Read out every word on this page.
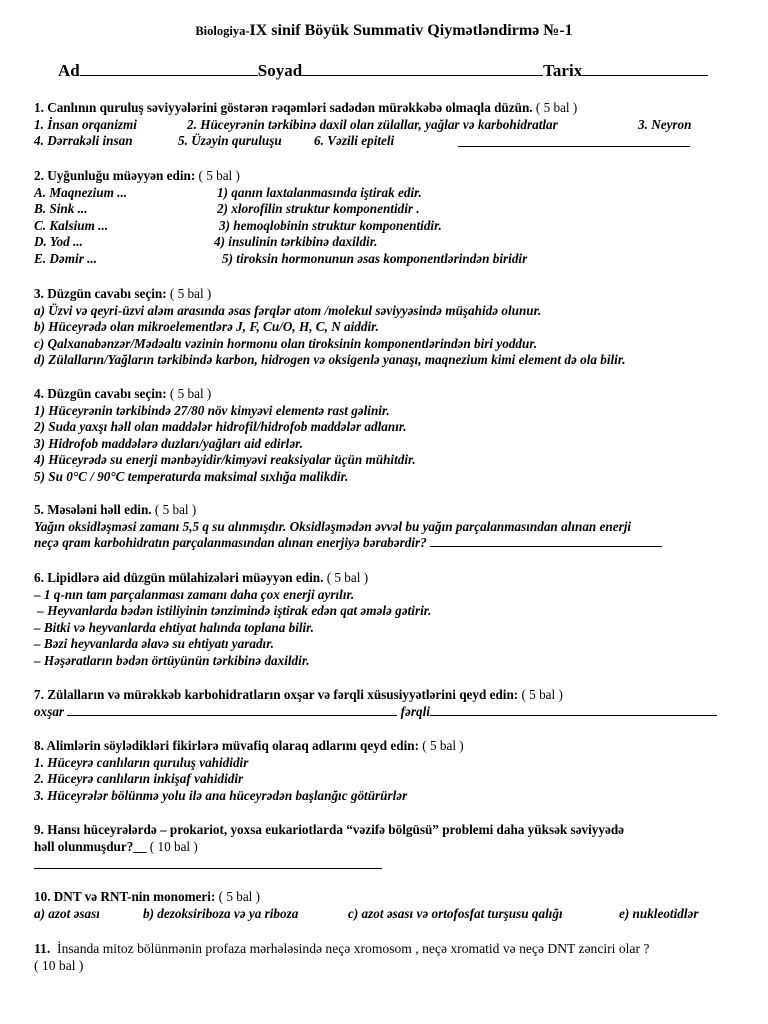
Biologiya-IX sinif Böyük Summativ Qiymətləndirmə №-1
Ad	Soyad	Tarix
1. Canlının quruluş səviyyələrini göstərən rəqəmləri sadədən mürəkkəbə olmaqla düzün. ( 5 bal )
1. İnsan orqanizmi	2. Hüceyrənin tərkibinə daxil olan zülallar, yağlar və karbohidratlar	3. Neyron
4. Dərrakəli insan	5. Üzəyin quruluşu 6. Vəzili epiteli
2. Uyğunluğu müəyyən edin: ( 5 bal )
A. Maqnezium ...	1) qanın laxtalanmasında iştirak edir.
B. Sink ...	2) xlorofilin struktur komponentidir .
C. Kalsium ...	3) hemoqlobinin struktur komponentidir.
D. Yod ...	4) insulinin tərkibinə daxildir.
E. Dəmir ...	5) tiroksin hormonunun əsas komponentlərindən biridir
3. Düzgün cavabı seçin: ( 5 bal )
a) Üzvi və qeyri-üzvi aləm arasında əsas fərqlər atom /molekul səviyyəsində müşahidə olunur.
b) Hüceyrədə olan mikroelementlərə J, F, Cu/O, H, C, N aiddir.
c) Qalxanabənzər/Mədəaltı vəzinin hormonu olan tiroksinin komponentlərindən biri yoddur.
d) Zülalların/Yağların tərkibində karbon, hidrogen və oksigenlə yanaşı, maqnezium kimi element də ola bilir.
4. Düzgün cavabı seçin: ( 5 bal )
1) Hüceyrənin tərkibində 27/80 növ kimyəvi elementə rast gəlinir.
2) Suda yaxşı həll olan maddələr hidrofil/hidrofob maddələr adlanır.
3) Hidrofob maddələrə duzları/yağları aid edirlər.
4) Hüceyrədə su enerji mənbəyidir/kimyəvi reaksiyalar üçün mühitdir.
5) Su 0°C / 90°C temperaturda maksimal sıxlığa malikdir.
5. Məsələni həll edin. ( 5 bal )
Yağın oksidləşməsi zamanı 5,5 q su alınmışdır. Oksidləşmədən əvvəl bu yağın parçalanmasından alınan enerji
neçə qram karbohidratın parçalanmasından alınan enerjiyə bərabərdir?
6. Lipidlərə aid düzgün mülahizələri müəyyən edin. ( 5 bal )
– 1 q-nın tam parçalanması zamanı daha çox enerji ayrılır.
– Heyvanlarda bədən istiliyinin tənzimində iştirak edən qat əmələ gətirir.
– Bitki və heyvanlarda ehtiyat halında toplana bilir.
– Bəzi heyvanlarda əlavə su ehtiyatı yaradır.
– Həşəratların bədən örtüyünün tərkibinə daxildir.
7. Zülalların və mürəkkəb karbohidratların oxşar və fərqli xüsusiyyətlərini qeyd edin: ( 5 bal )
oxşar	fərqli
8. Alimlərin söylədikləri fikirlərə müvafiq olaraq adlarını qeyd edin: ( 5 bal )
1. Hüceyrə canlıların quruluş vahididir
2. Hüceyrə canlıların inkişaf vahididir
3. Hüceyrələr bölünmə yolu ilə ana hüceyrədən başlanğıc götürürlər
9. Hansı hüceyrələrdə – prokariot, yoxsa eukariotlarda “vəzifə bölgüsü” problemi daha yüksək səviyyədə
həll olunmuşdur?__ ( 10 bal )
10. DNT və RNT-nin monomeri: ( 5 bal )
a) azot əsası	b) dezoksiriboza və ya riboza	c) azot əsası və ortofosfat turşusu qalığı	e) nukleotidlər
11.  İnsanda mitoz bölünmənin profaza mərhələsində neçə xromosom , neçə xromatid və neçə DNT zənciri olar ?
( 10 bal )
